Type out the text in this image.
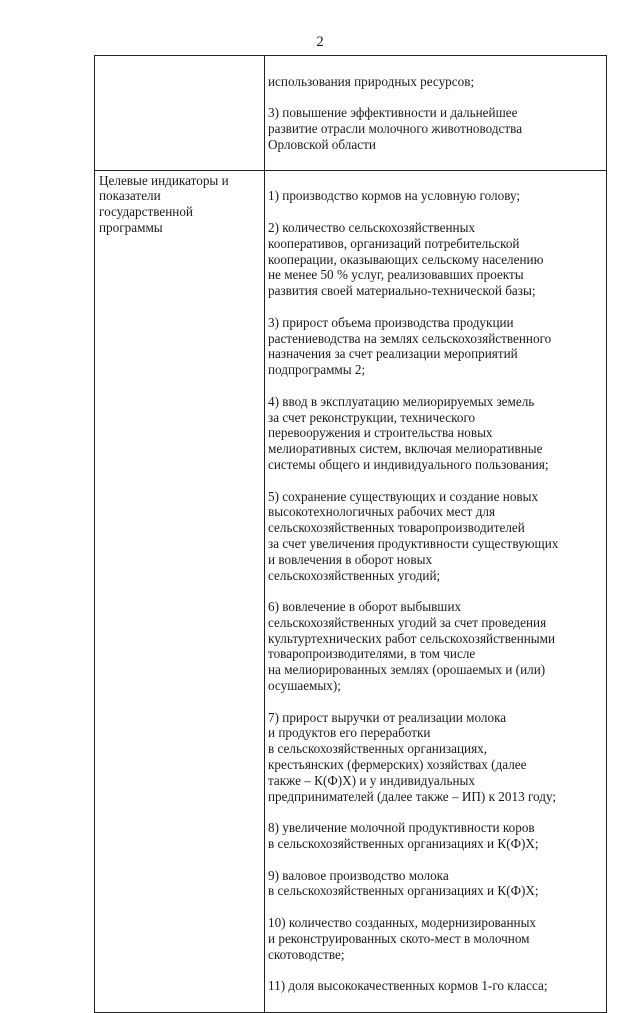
2

использования природных ресурсов;

3) повышение эффективности и дальнейшее
развитие отрасли молочного животноводства
Орловской области

Целевые индикаторы и
показатели
государственной
программы

1) производство кормов на условную голову;

2) количество сельскохозяйственных
кооперативов, организаций потребительской
кооперации, оказывающих сельскому населению
не менее 50 % услуг, реализовавших проекты
развития своей материально-технической базы;

3) прирост объема производства продукции
растениеводства на землях сельскохозяйственного
назначения за счет реализации мероприятий
подпрограммы 2;

4) ввод в эксплуатацию мелиорируемых земель
за счет реконструкции, технического
перевооружения и строительства новых
мелиоративных систем, включая мелиоративные
системы общего и индивидуального пользования;

5) сохранение существующих и создание новых
высокотехнологичных рабочих мест для
сельскохозяйственных товаропроизводителей
за счет увеличения продуктивности существующих
и вовлечения в оборот новых
сельскохозяйственных угодий;

6) вовлечение в оборот выбывших
сельскохозяйственных угодий за счет проведения
культуртехнических работ сельскохозяйственными
товаропроизводителями, в том числе
на мелиорированных землях (орошаемых и (или)
осушаемых);

7) прирост выручки от реализации молока
и продуктов его переработки
в сельскохозяйственных организациях,
крестьянских (фермерских) хозяйствах (далее
также – К(Ф)Х) и у индивидуальных
предпринимателей (далее также – ИП) к 2013 году;

8) увеличение молочной продуктивности коров
в сельскохозяйственных организациях и К(Ф)Х;

9) валовое производство молока
в сельскохозяйственных организациях и К(Ф)Х;

10) количество созданных, модернизированных
и реконструированных ското-мест в молочном
скотоводстве;

11) доля высококачественных кормов 1-го класса;
